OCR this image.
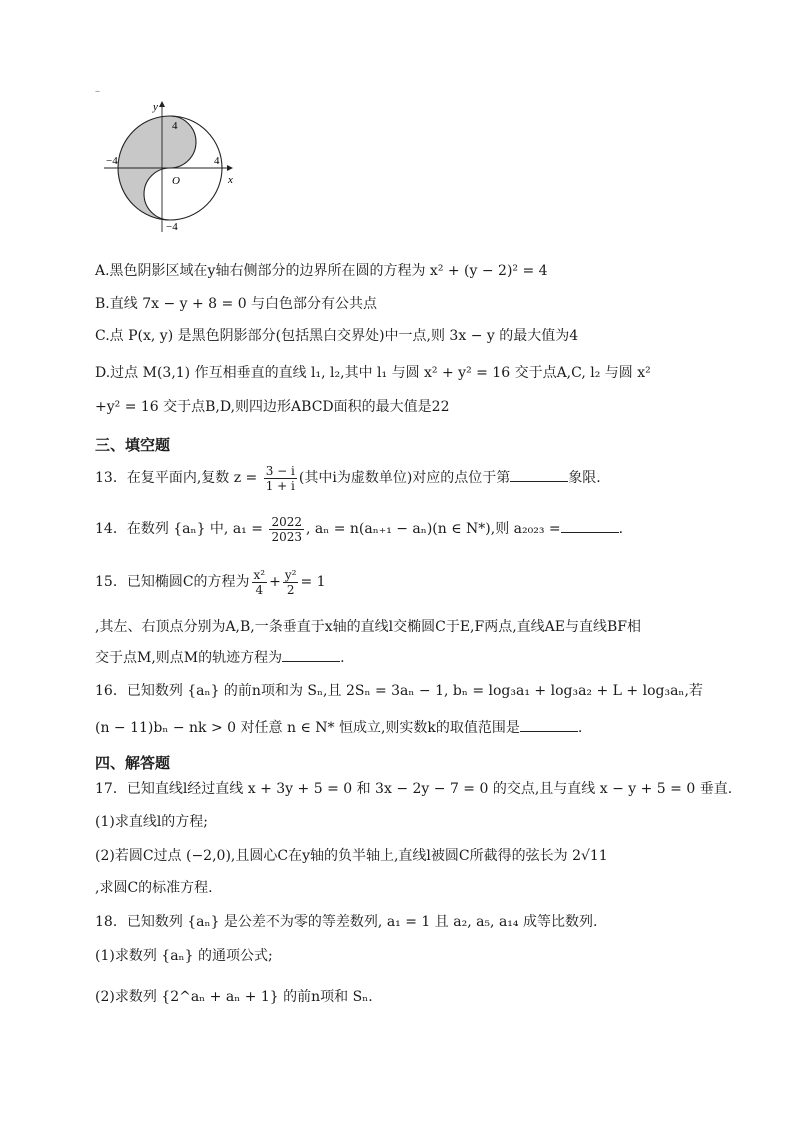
–
y
x
O
4
−4
−4	4
A.黑色阴影区域在y轴右侧部分的边界所在圆的方程为 x² + (y − 2)² = 4
B.直线 7x − y + 8 = 0 与白色部分有公共点
C.点 P(x, y) 是黑色阴影部分(包括黑白交界处)中一点,则 3x − y 的最大值为4
D.过点 M(3,1) 作互相垂直的直线 l₁, l₂,其中 l₁ 与圆 x² + y² = 16 交于点A,C, l₂ 与圆 x²
+y² = 16 交于点B,D,则四边形ABCD面积的最大值是22
三、填空题
13．在复平面内,复数 $z = \frac{3 - i}{1 + i}$ (其中i为虚数单位)对应的点位于第	象限.
14．在数列 {aₙ} 中, $a_1 = \frac{2022}{2023}$ , aₙ = n(aₙ₊₁ − aₙ)(n ∈ N*),则 a₂₀₂₃ =	.
15．已知椭圆C的方程为 $\frac{\text{x²}}{4} + \frac{\text{y²}}{2} = 1$
,其左、右顶点分别为A,B,一条垂直于x轴的直线l交椭圆C于E,F两点,直线AE与直线BF相
交于点M,则点M的轨迹方程为	.
16．已知数列 {aₙ} 的前n项和为 Sₙ,且 2Sₙ = 3aₙ − 1, bₙ = log₃a₁ + log₃a₂ + L + log₃aₙ,若
(n − 11)bₙ − nk > 0 对任意 n ∈ N* 恒成立,则实数k的取值范围是	.
四、解答题
17．已知直线l经过直线 x + 3y + 5 = 0 和 3x − 2y − 7 = 0 的交点,且与直线 x − y + 5 = 0 垂直.
(1)求直线l的方程;
(2)若圆C过点 (−2,0),且圆心C在y轴的负半轴上,直线l被圆C所截得的弦长为 2√11
,求圆C的标准方程.
18．已知数列 {aₙ} 是公差不为零的等差数列, a₁ = 1 且 a₂, a₅, a₁₄ 成等比数列.
(1)求数列 {aₙ} 的通项公式;
(2)求数列 {2^aₙ + aₙ + 1} 的前n项和 Sₙ.
